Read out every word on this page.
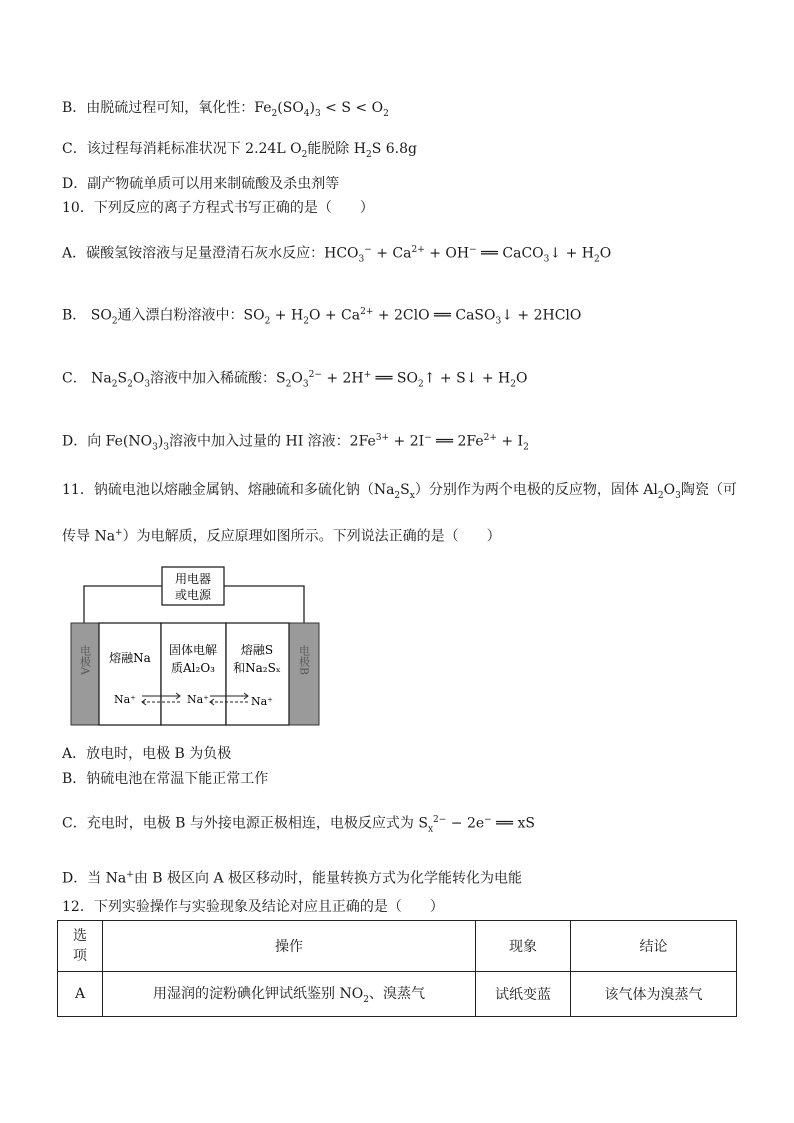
B．由脱硫过程可知，氧化性：$Fe_2(SO_4)_3 < S < O_2$
C．该过程每消耗标准状况下 2.24L $O_2$能脱除 $H_2S$ 6.8g
D．副产物硫单质可以用来制硫酸及杀虫剂等
10．下列反应的离子方程式书写正确的是（　　）
A．碳酸氢铵溶液与足量澄清石灰水反应：$HCO_3^- + Ca^{2+} + OH^-$ ══ CaCO$_3$↓ + $H_2O$
B． $SO_2$通入漂白粉溶液中：$SO_2 + H_2O + Ca^{2+} + 2ClO$ ══ CaSO$_3$↓ + 2HClO
C． $Na_2S_2O_3$溶液中加入稀硫酸：$S_2O_3^{2-} + 2H^+$ ══ $SO_2↑$ + S↓ + $H_2O$
D．向 $Fe(NO_3)_3$溶液中加入过量的 HI 溶液：$2Fe^{3+} + 2I^-$ ══ $2Fe^{2+} + I_2$
11．钠硫电池以熔融金属钠、熔融硫和多硫化钠$(Na_2S_x)$分别作为两个电极的反应物，固体 $Al_2O_3$陶瓷（可
传导 Na+）为电解质，反应原理如图所示。下列说法正确的是（　　）
用电器
或电源
电极A	电极B
熔融Na
固体电解
质Al₂O₃
熔融S
和Na₂Sₓ
Na⁺	Na⁺	Na⁺
A．放电时，电极 B 为负极
B．钠硫电池在常温下能正常工作
C．充电时，电极 B 与外接电源正极相连，电极反应式为 $S_x^{2-} - 2e^-$ ══ xS
D．当 Na+由 B 极区向 A 极区移动时，能量转换方式为化学能转化为电能
12．下列实验操作与实验现象及结论对应且正确的是（　　）
选项	操作	现象	结论
A	用湿润的淀粉碘化钾试纸鉴别 $NO_2$、溴蒸气	试纸变蓝	该气体为溴蒸气
